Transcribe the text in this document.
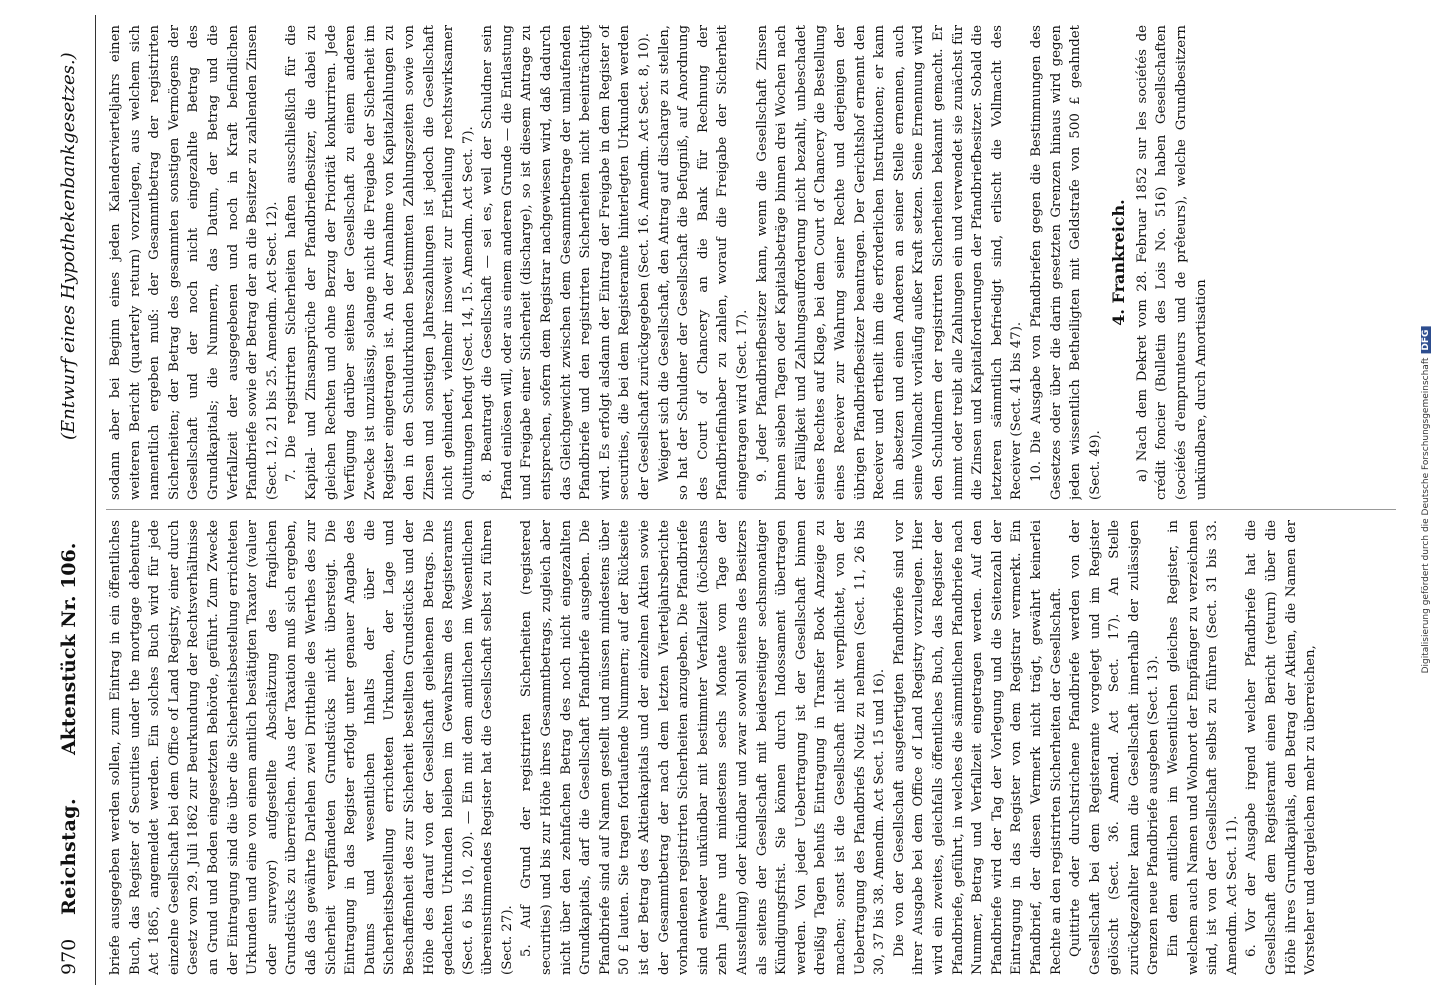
970
Reichstag.
Aktenstück Nr. 106.
(Entwurf eines Hypothekenbankgesetzes.)

briefe ausgegeben werden sollen, zum Eintrag in ein öffentliches Buch, das Register of Securities under the mortgage debenture Act 1865, angemeldet werden. Ein solches Buch wird für jede einzelne Gesellschaft bei dem Office of Land Registry, einer durch Gesetz vom 29. Juli 1862 zur Beurkundung der Rechtsverhältnisse an Grund und Boden eingesetzten Behörde, geführt. Zum Zwecke der Eintragung sind die über die Sicherheitsbestellung errichteten Urkunden und eine von einem amtlich bestätigten Taxator (valuer oder surveyor) aufgestellte Abschätzung des fraglichen Grundstücks zu überreichen. Aus der Taxation muß sich ergeben, daß das gewährte Darlehen zwei Drittheile des Werthes des zur Sicherheit verpfändeten Grundstücks nicht übersteigt. Die Eintragung in das Register erfolgt unter genauer Angabe des Datums und wesentlichen Inhalts der über die Sicherheitsbestellung errichteten Urkunden, der Lage und Beschaffenheit des zur Sicherheit bestellten Grundstücks und der Höhe des darauf von der Gesellschaft geliehenen Betrags. Die gedachten Urkunden bleiben im Gewahrsam des Registeramts (Sect. 6 bis 10, 20). — Ein mit dem amtlichen im Wesentlichen übereinstimmendes Register hat die Gesellschaft selbst zu führen (Sect. 27). 5. Auf Grund der registrirten Sicherheiten (registered securities) und bis zur Höhe ihres Gesammtbetrags, zugleich aber nicht über den zehnfachen Betrag des noch nicht eingezahlten Grundkapitals, darf die Gesellschaft Pfandbriefe ausgeben. Die Pfandbriefe sind auf Namen gestellt und müssen mindestens über 50 £ lauten. Sie tragen fortlaufende Nummern; auf der Rückseite ist der Betrag des Aktienkapitals und der einzelnen Aktien sowie der Gesammtbetrag der nach dem letzten Vierteljahrsberichte vorhandenen registrirten Sicherheiten anzugeben. Die Pfandbriefe sind entweder unkündbar mit bestimmter Verfallzeit (höchstens zehn Jahre und mindestens sechs Monate vom Tage der Ausstellung) oder kündbar und zwar sowohl seitens des Besitzers als seitens der Gesellschaft mit beiderseitiger sechsmonatiger Kündigungsfrist. Sie können durch Indossament übertragen werden. Von jeder Uebertragung ist der Gesellschaft binnen dreißig Tagen behufs Eintragung in Transfer Book Anzeige zu machen; sonst ist die Gesellschaft nicht verpflichtet, von der Uebertragung des Pfandbriefs Notiz zu nehmen (Sect. 11, 26 bis 30, 37 bis 38. Amendm. Act Sect. 15 und 16). Die von der Gesellschaft ausgefertigten Pfandbriefe sind vor ihrer Ausgabe bei dem Office of Land Registry vorzulegen. Hier wird ein zweites, gleichfalls öffentliches Buch, das Register der Pfandbriefe, geführt, in welches die sämmtlichen Pfandbriefe nach Nummer, Betrag und Verfallzeit eingetragen werden. Auf den Pfandbriefe wird der Tag der Vorlegung und die Seitenzahl der Eintragung in das Register von dem Registrar vermerkt. Ein Pfandbrief, der diesen Vermerk nicht trägt, gewährt keinerlei Rechte an den registrirten Sicherheiten der Gesellschaft. Quittirte oder durchstrichene Pfandbriefe werden von der Gesellschaft bei dem Registeramte vorgelegt und im Register gelöscht (Sect. 36. Amend. Act Sect. 17). An Stelle zurückgezahlter kann die Gesellschaft innerhalb der zulässigen Grenzen neue Pfandbriefe ausgeben (Sect. 13). Ein dem amtlichen im Wesentlichen gleiches Register, in welchem auch Namen und Wohnort der Empfänger zu verzeichnen sind, ist von der Gesellschaft selbst zu führen (Sect. 31 bis 33. Amendm. Act Sect. 11). 6. Vor der Ausgabe irgend welcher Pfandbriefe hat die Gesellschaft dem Registeramt einen Bericht (return) über die Höhe ihres Grundkapitals, den Betrag der Aktien, die Namen der Vorsteher und dergleichen mehr zu überreichen,

sodann aber bei Beginn eines jeden Kalendervierteljahrs einen weiteren Bericht (quarterly return) vorzulegen, aus welchem sich namentlich ergeben muß: der Gesammtbetrag der registrirten Sicherheiten; der Betrag des gesammten sonstigen Vermögens der Gesellschaft und der noch nicht eingezahlte Betrag des Grundkapitals; die Nummern, das Datum, der Betrag und die Verfallzeit der ausgegebenen und noch in Kraft befindlichen Pfandbriefe sowie der Betrag der an die Besitzer zu zahlenden Zinsen (Sect. 12, 21 bis 25. Amendm. Act Sect. 12). 7. Die registrirten Sicherheiten haften ausschließlich für die Kapital- und Zinsansprüche der Pfandbriefbesitzer, die dabei zu gleichen Rechten und ohne Berzug der Priorität konkurriren. Jede Verfügung darüber seitens der Gesellschaft zu einem anderen Zwecke ist unzulässig, solange nicht die Freigabe der Sicherheit im Register eingetragen ist. An der Annahme von Kapitalzahlungen zu den in den Schuldurkunden bestimmten Zahlungszeiten sowie von Zinsen und sonstigen Jahreszahlungen ist jedoch die Gesellschaft nicht gehindert, vielmehr insoweit zur Ertheilung rechtswirksamer Quittungen befugt (Sect. 14, 15. Amendm. Act Sect. 7). 8. Beantragt die Gesellschaft — sei es, weil der Schuldner sein Pfand einlösen will, oder aus einem anderen Grunde — die Entlastung und Freigabe einer Sicherheit (discharge), so ist diesem Antrage zu entsprechen, sofern dem Registrar nachgewiesen wird, daß dadurch das Gleichgewicht zwischen dem Gesammtbetrage der umlaufenden Pfandbriefe und den registrirten Sicherheiten nicht beeinträchtigt wird. Es erfolgt alsdann der Eintrag der Freigabe in dem Register of securities, die bei dem Registeramte hinterlegten Urkunden werden der Gesellschaft zurückgegeben (Sect. 16. Amendm. Act Sect. 8, 10). Weigert sich die Gesellschaft, den Antrag auf discharge zu stellen, so hat der Schuldner der Gesellschaft die Befugniß, auf Anordnung des Court of Chancery an die Bank für Rechnung der Pfandbriefinhaber zu zahlen, worauf die Freigabe der Sicherheit eingetragen wird (Sect. 17). 9. Jeder Pfandbriefbesitzer kann, wenn die Gesellschaft Zinsen binnen sieben Tagen oder Kapitalsbeträge binnen drei Wochen nach der Fälligkeit und Zahlungsaufforderung nicht bezahlt, unbeschadet seines Rechtes auf Klage, bei dem Court of Chancery die Bestellung eines Receiver zur Wahrung seiner Rechte und derjenigen der übrigen Pfandbriefbesitzer beantragen. Der Gerichtshof ernennt den Receiver und ertheilt ihm die erforderlichen Instruktionen; er kann ihn absetzen und einen Anderen an seiner Stelle ernennen, auch seine Vollmacht vorläufig außer Kraft setzen. Seine Ernennung wird den Schuldnern der registrirten Sicherheiten bekannt gemacht. Er nimmt oder treibt alle Zahlungen ein und verwendet sie zunächst für die Zinsen und Kapitalforderungen der Pfandbriefbesitzer. Sobald die letzteren sämmtlich befriedigt sind, erlischt die Vollmacht des Receiver (Sect. 41 bis 47). 10. Die Ausgabe von Pfandbriefen gegen die Bestimmungen des Gesetzes oder über die darin gesetzten Grenzen hinaus wird gegen jeden wissentlich Betheiligten mit Geldstrafe von 500 £ geahndet (Sect. 49).

4. Frankreich. a) Nach dem Dekret vom 28. Februar 1852 sur les sociétés de crédit foncier (Bulletin des Lois No. 516) haben Gesellschaften (sociétés d'emprunteurs und de prêteurs), welche Grundbesitzern unkündbare, durch Amortisation	Digitalisierung gefördert durch die Deutsche ForschungsgemeinschaftDFG
